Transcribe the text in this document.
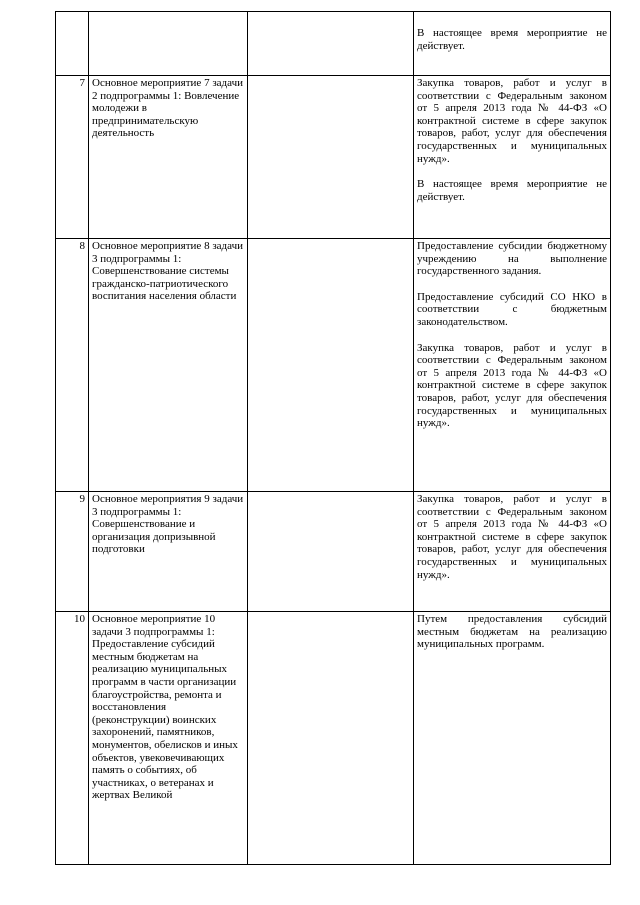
			В настоящее время мероприятие не действует.

7	Основное мероприятие 7 задачи 2 подпрограммы 1: Вовлечение молодежи в предпринимательскую деятельность		Закупка товаров, работ и услуг в соответствии с Федеральным законом от 5 апреля 2013 года № 44-ФЗ «О контрактной системе в сфере закупок товаров, работ, услуг для обеспечения государственных и муниципальных нужд».
В настоящее время мероприятие не действует.

8	Основное мероприятие 8 задачи 3 подпрограммы 1: Совершенствование системы гражданско-патриотического воспитания населения области		Предоставление субсидии бюджетному учреждению на выполнение государственного задания.
Предоставление субсидий СО НКО в соответствии с бюджетным законодательством.
Закупка товаров, работ и услуг в соответствии с Федеральным законом от 5 апреля 2013 года № 44-ФЗ «О контрактной системе в сфере закупок товаров, работ, услуг для обеспечения государственных и муниципальных нужд».

9	Основное мероприятия 9 задачи 3 подпрограммы 1: Совершенствование и организация допризывной подготовки		Закупка товаров, работ и услуг в соответствии с Федеральным законом от 5 апреля 2013 года № 44-ФЗ «О контрактной системе в сфере закупок товаров, работ, услуг для обеспечения государственных и муниципальных нужд».

10	Основное мероприятие 10 задачи 3 подпрограммы 1: Предоставление субсидий местным бюджетам на реализацию муниципальных программ в части организации благоустройства, ремонта и восстановления (реконструкции) воинских захоронений, памятников, монументов, обелисков и иных объектов, увековечивающих память о событиях, об участниках, о ветеранах и жертвах Великой		Путем предоставления субсидий местным бюджетам на реализацию муниципальных программ.
